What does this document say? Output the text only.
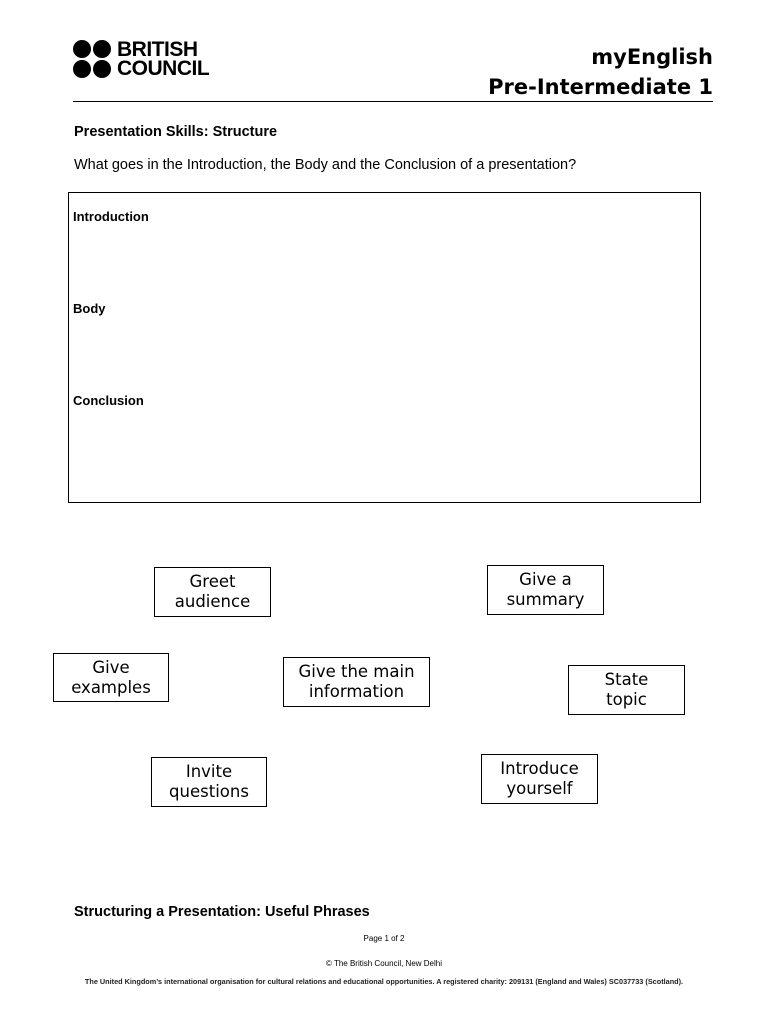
BRITISH
COUNCIL	myEnglish
Pre-Intermediate 1
Presentation Skills: Structure
What goes in the Introduction, the Body and the Conclusion of a presentation?
Introduction
Body
Conclusion
Greet
audience
Give a
summary
Give
examples
Give the main
information
State
topic
Invite
questions
Introduce
yourself
Structuring a Presentation: Useful Phrases
Page 1 of 2
© The British Council, New Delhi
The United Kingdom’s international organisation for cultural relations and educational opportunities. A registered charity: 209131 (England and Wales) SC037733 (Scotland).
